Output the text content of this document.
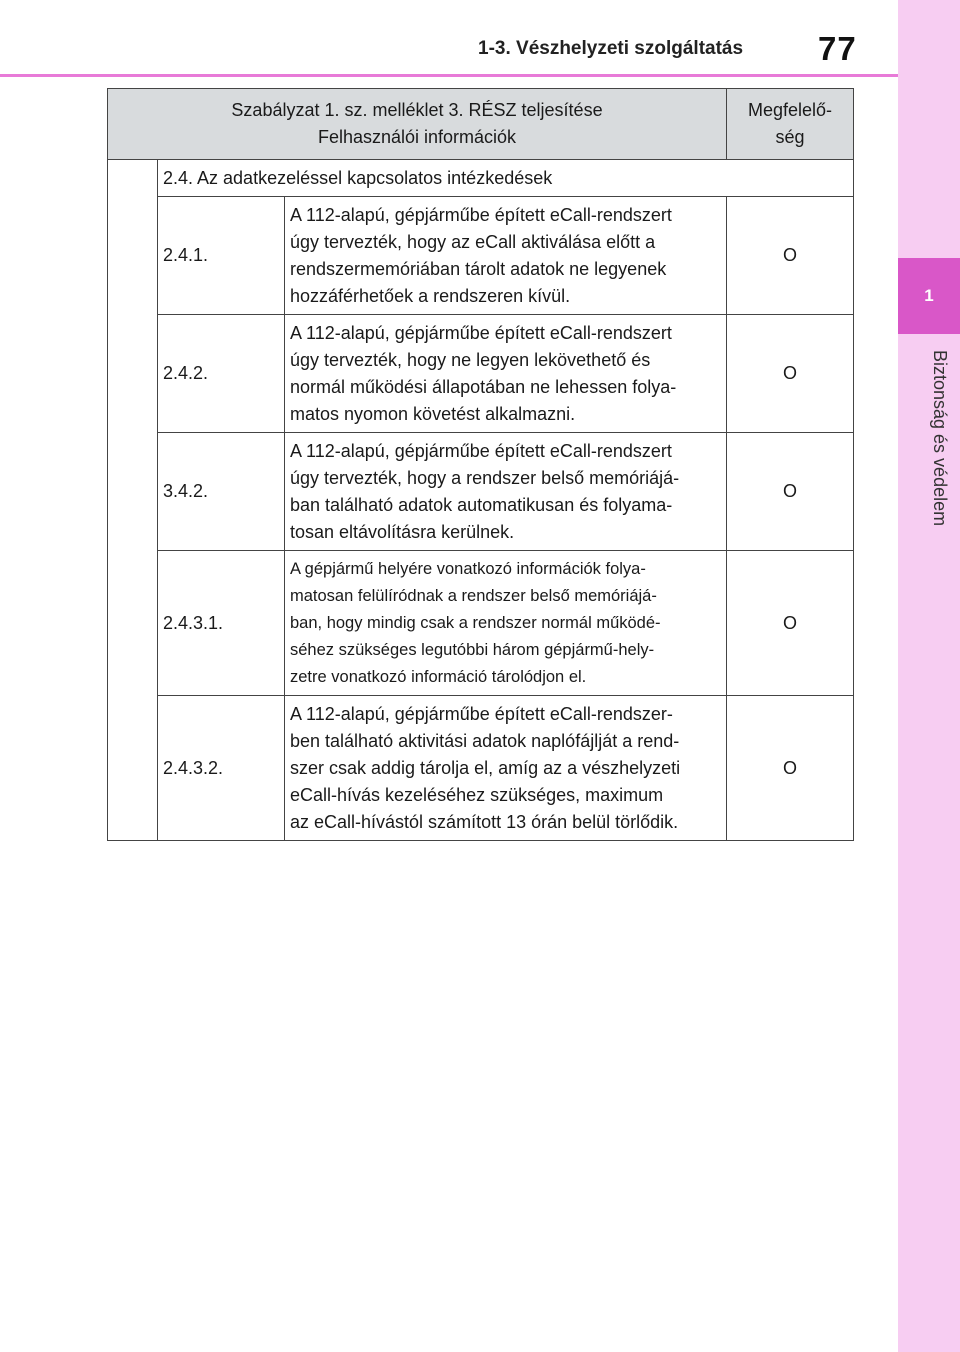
1-3. Vészhelyzeti szolgáltatás 77
1
Biztonság és védelem
Szabályzat 1. sz. melléklet 3. RÉSZ teljesítése
Felhasználói információk			Megfelelő-
ség

	2.4. Az adatkezeléssel kapcsolatos intézkedések		
	2.4.1.	A 112-alapú, gépjárműbe épített eCall-rendszert
úgy tervezték, hogy az eCall aktiválása előtt a
rendszermemóriában tárolt adatok ne legyenek
hozzáférhetőek a rendszeren kívül.	O
	2.4.2.	A 112-alapú, gépjárműbe épített eCall-rendszert
úgy tervezték, hogy ne legyen lekövethető és
normál működési állapotában ne lehessen folya-
matos nyomon követést alkalmazni.	O
	3.4.2.	A 112-alapú, gépjárműbe épített eCall-rendszert
úgy tervezték, hogy a rendszer belső memóriájá-
ban található adatok automatikusan és folyama-
tosan eltávolításra kerülnek.	O
	2.4.3.1.	A gépjármű helyére vonatkozó információk folya-
matosan felülíródnak a rendszer belső memóriájá-
ban, hogy mindig csak a rendszer normál működé-
séhez szükséges legutóbbi három gépjármű-hely-
zetre vonatkozó információ tárolódjon el.	O
	2.4.3.2.	A 112-alapú, gépjárműbe épített eCall-rendszer-
ben található aktivitási adatok naplófájlját a rend-
szer csak addig tárolja el, amíg az a vészhelyzeti
eCall-hívás kezeléséhez szükséges, maximum
az eCall-hívástól számított 13 órán belül törlődik.	O
